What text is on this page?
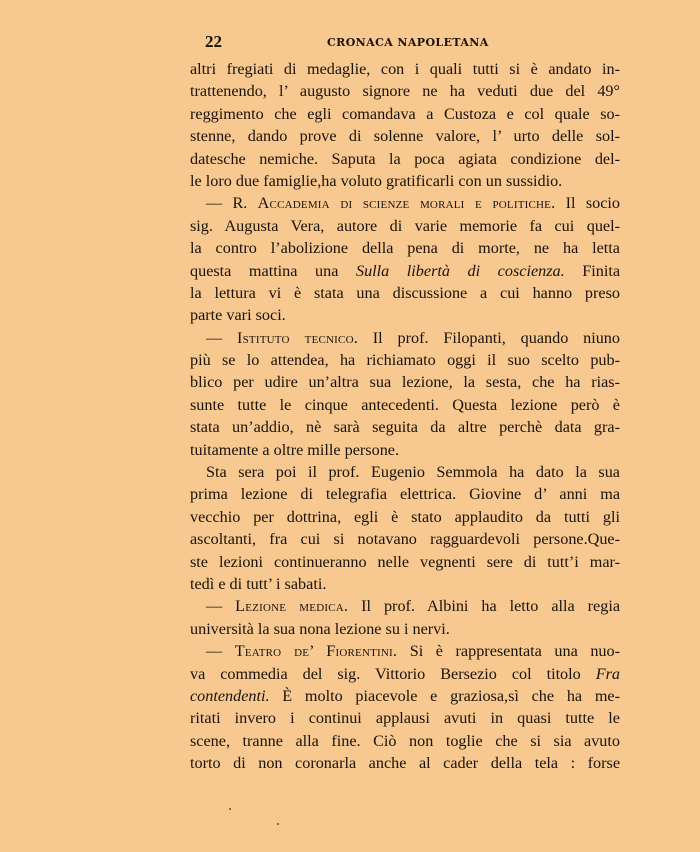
22	CRONACA NAPOLETANA
altri fregiati di medaglie, con i quali tutti si è andato in-
trattenendo, l’ augusto signore ne ha veduti due del 49°
reggimento che egli comandava a Custoza e col quale so-
stenne, dando prove di solenne valore, l’ urto delle sol-
datesche nemiche. Saputa la poca agiata condizione del-
le loro due famiglie,ha voluto gratificarli con un sussidio.
— R. Accademia di scienze morali e politiche. Il socio
sig. Augusta Vera, autore di varie memorie fa cui quel-
la contro l’abolizione della pena di morte, ne ha letta
questa mattina una Sulla libertà di coscienza. Finita
la lettura vi è stata una discussione a cui hanno preso
parte vari soci.
— Istituto tecnico. Il prof. Filopanti, quando niuno
più se lo attendea, ha richiamato oggi il suo scelto pub-
blico per udire un’altra sua lezione, la sesta, che ha rias-
sunte tutte le cinque antecedenti. Questa lezione però è
stata un’addio, nè sarà seguita da altre perchè data gra-
tuitamente a oltre mille persone.
Sta sera poi il prof. Eugenio Semmola ha dato la sua
prima lezione di telegrafia elettrica. Giovine d’ anni ma
vecchio per dottrina, egli è stato applaudito da tutti gli
ascoltanti, fra cui si notavano ragguardevoli persone.Que-
ste lezioni continueranno nelle vegnenti sere di tutt’i mar-
tedì e di tutt’ i sabati.
— Lezione medica. Il prof. Albini ha letto alla regia
università la sua nona lezione su i nervi.
— Teatro de’ Fiorentini. Si è rappresentata una nuo-
va commedia del sig. Vittorio Bersezio col titolo Fra
contendenti. È molto piacevole e graziosa,sì che ha me-
ritati invero i continui applausi avuti in quasi tutte le
scene, tranne alla fine. Ciò non toglie che si sia avuto
torto di non coronarla anche al cader della tela : forse
